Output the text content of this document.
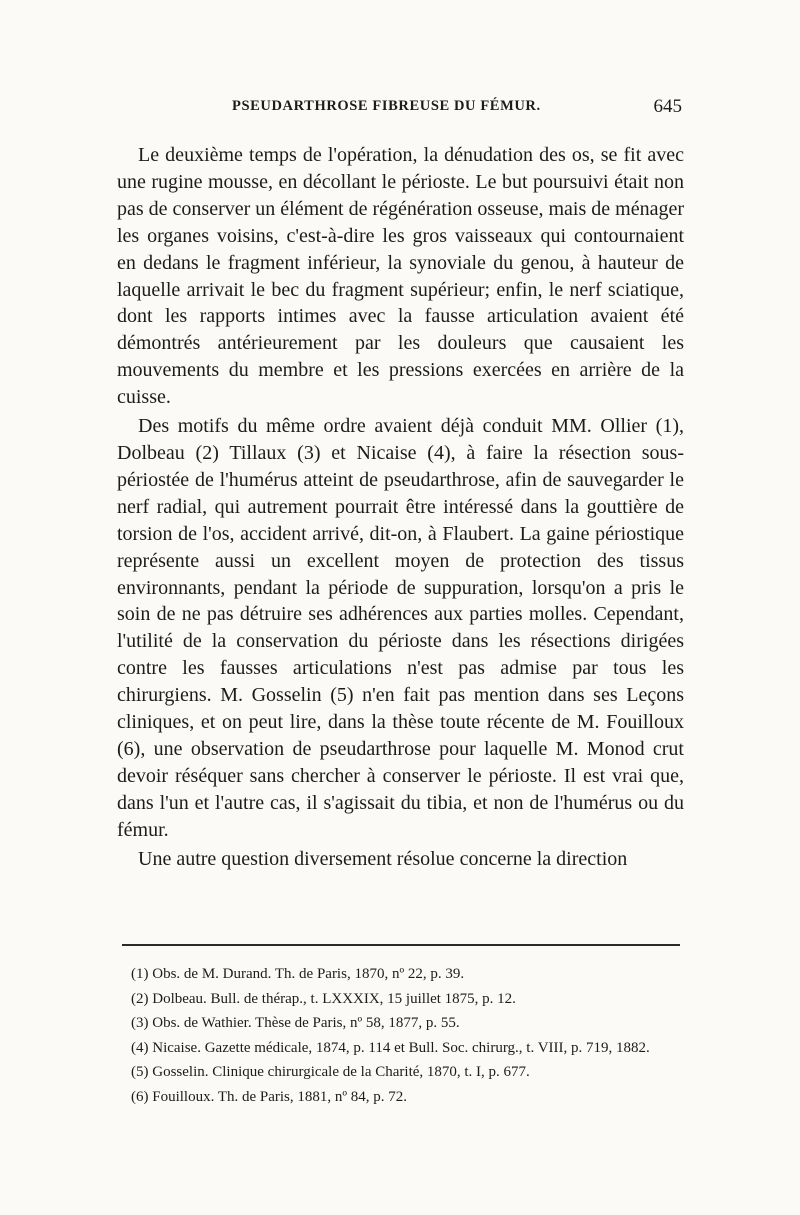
PSEUDARTHROSE FIBREUSE DU FÉMUR.	645

Le deuxième temps de l'opération, la dénudation des os, se fit avec une rugine mousse, en décollant le périoste. Le but poursuivi était non pas de conserver un élément de régénération osseuse, mais de ménager les organes voisins, c'est-à-dire les gros vaisseaux qui contournaient en dedans le fragment inférieur, la synoviale du genou, à hauteur de laquelle arrivait le bec du fragment supérieur; enfin, le nerf sciatique, dont les rapports intimes avec la fausse articulation avaient été démontrés antérieurement par les douleurs que causaient les mouvements du membre et les pressions exercées en arrière de la cuisse.

Des motifs du même ordre avaient déjà conduit MM. Ollier (1), Dolbeau (2) Tillaux (3) et Nicaise (4), à faire la résection sous-périostée de l'humérus atteint de pseudarthrose, afin de sauvegarder le nerf radial, qui autrement pourrait être intéressé dans la gouttière de torsion de l'os, accident arrivé, dit-on, à Flaubert. La gaine périostique représente aussi un excellent moyen de protection des tissus environnants, pendant la période de suppuration, lorsqu'on a pris le soin de ne pas détruire ses adhérences aux parties molles. Cependant, l'utilité de la conservation du périoste dans les résections dirigées contre les fausses articulations n'est pas admise par tous les chirurgiens. M. Gosselin (5) n'en fait pas mention dans ses Leçons cliniques, et on peut lire, dans la thèse toute récente de M. Fouilloux (6), une observation de pseudarthrose pour laquelle M. Monod crut devoir réséquer sans chercher à conserver le périoste. Il est vrai que, dans l'un et l'autre cas, il s'agissait du tibia, et non de l'humérus ou du fémur.

Une autre question diversement résolue concerne la direction

(1) Obs. de M. Durand. Th. de Paris, 1870, nº 22, p. 39.

(2) Dolbeau. Bull. de thérap., t. LXXXIX, 15 juillet 1875, p. 12.

(3) Obs. de Wathier. Thèse de Paris, nº 58, 1877, p. 55.

(4) Nicaise. Gazette médicale, 1874, p. 114 et Bull. Soc. chirurg., t. VIII, p. 719, 1882.

(5) Gosselin. Clinique chirurgicale de la Charité, 1870, t. I, p. 677.

(6) Fouilloux. Th. de Paris, 1881, nº 84, p. 72.
